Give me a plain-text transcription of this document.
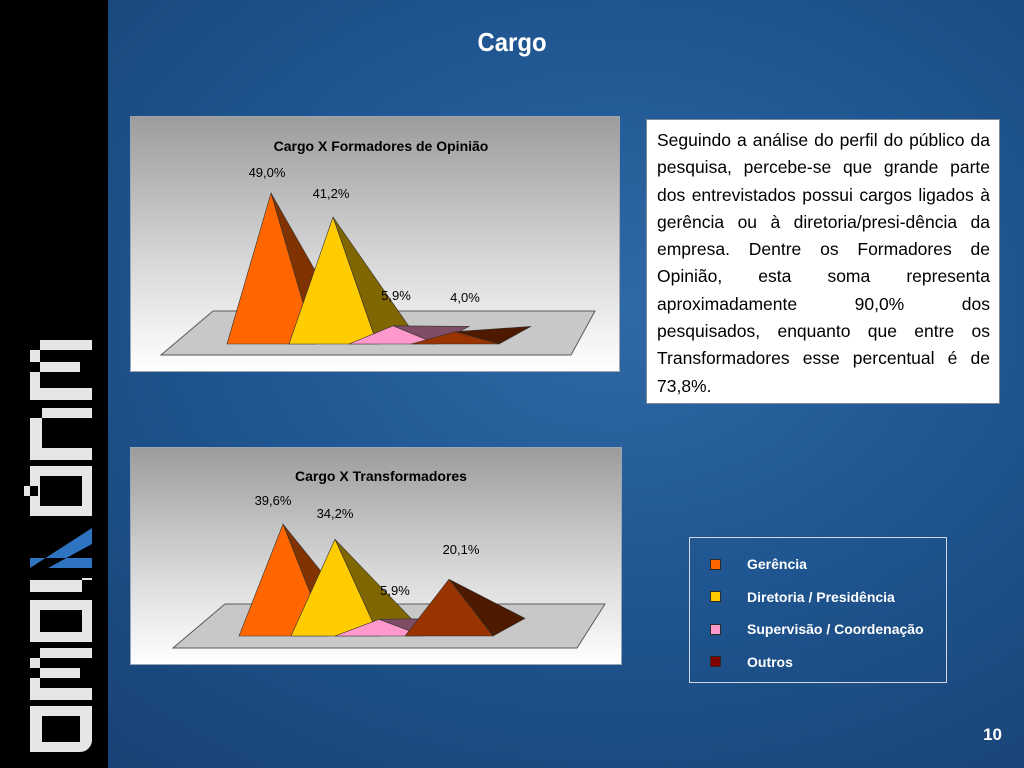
Cargo
Cargo X Formadores de Opinião
49,0%
41,2%
5,9%	4,0%
Cargo X Transformadores
39,6%
34,2%
5,9%
20,1%
Seguindo a análise do perfil do público da pesquisa, percebe-se que grande parte dos entrevistados possui cargos ligados à gerência ou à diretoria/presi-dência da empresa. Dentre os Formadores de Opinião, esta soma representa aproximadamente 90,0% dos pesquisados, enquanto que entre os Transformadores esse percentual é de 73,8%.
Gerência
Diretoria / Presidência
Supervisão / Coordenação
Outros
10
